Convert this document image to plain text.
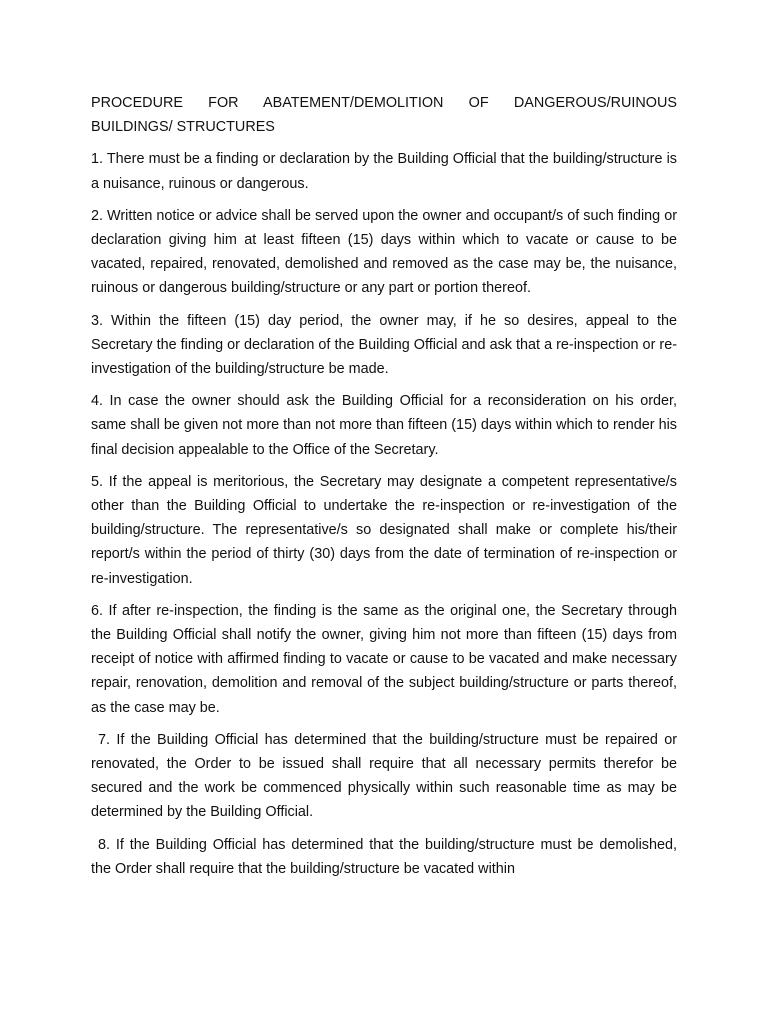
PROCEDURE FOR ABATEMENT/DEMOLITION OF DANGEROUS/RUINOUS
BUILDINGS/ STRUCTURES

1. There must be a finding or declaration by the Building Official that the building/structure is a nuisance, ruinous or dangerous.

2. Written notice or advice shall be served upon the owner and occupant/s of such finding or declaration giving him at least fifteen (15) days within which to vacate or cause to be vacated, repaired, renovated, demolished and removed as the case may be, the nuisance, ruinous or dangerous building/structure or any part or portion thereof.

3. Within the fifteen (15) day period, the owner may, if he so desires, appeal to the Secretary the finding or declaration of the Building Official and ask that a re-inspection or re-investigation of the building/structure be made.

4. In case the owner should ask the Building Official for a reconsideration on his order, same shall be given not more than not more than fifteen (15) days within which to render his final decision appealable to the Office of the Secretary.

5. If the appeal is meritorious, the Secretary may designate a competent representative/s other than the Building Official to undertake the re-inspection or re-investigation of the building/structure. The representative/s so designated shall make or complete his/their report/s within the period of thirty (30) days from the date of termination of re-inspection or re-investigation.

6. If after re-inspection, the finding is the same as the original one, the Secretary through the Building Official shall notify the owner, giving him not more than fifteen (15) days from receipt of notice with affirmed finding to vacate or cause to be vacated and make necessary repair, renovation, demolition and removal of the subject building/structure or parts thereof, as the case may be.

7. If the Building Official has determined that the building/structure must be repaired or renovated, the Order to be issued shall require that all necessary permits therefor be secured and the work be commenced physically within such reasonable time as may be determined by the Building Official.

8. If the Building Official has determined that the building/structure must be demolished, the Order shall require that the building/structure be vacated within
